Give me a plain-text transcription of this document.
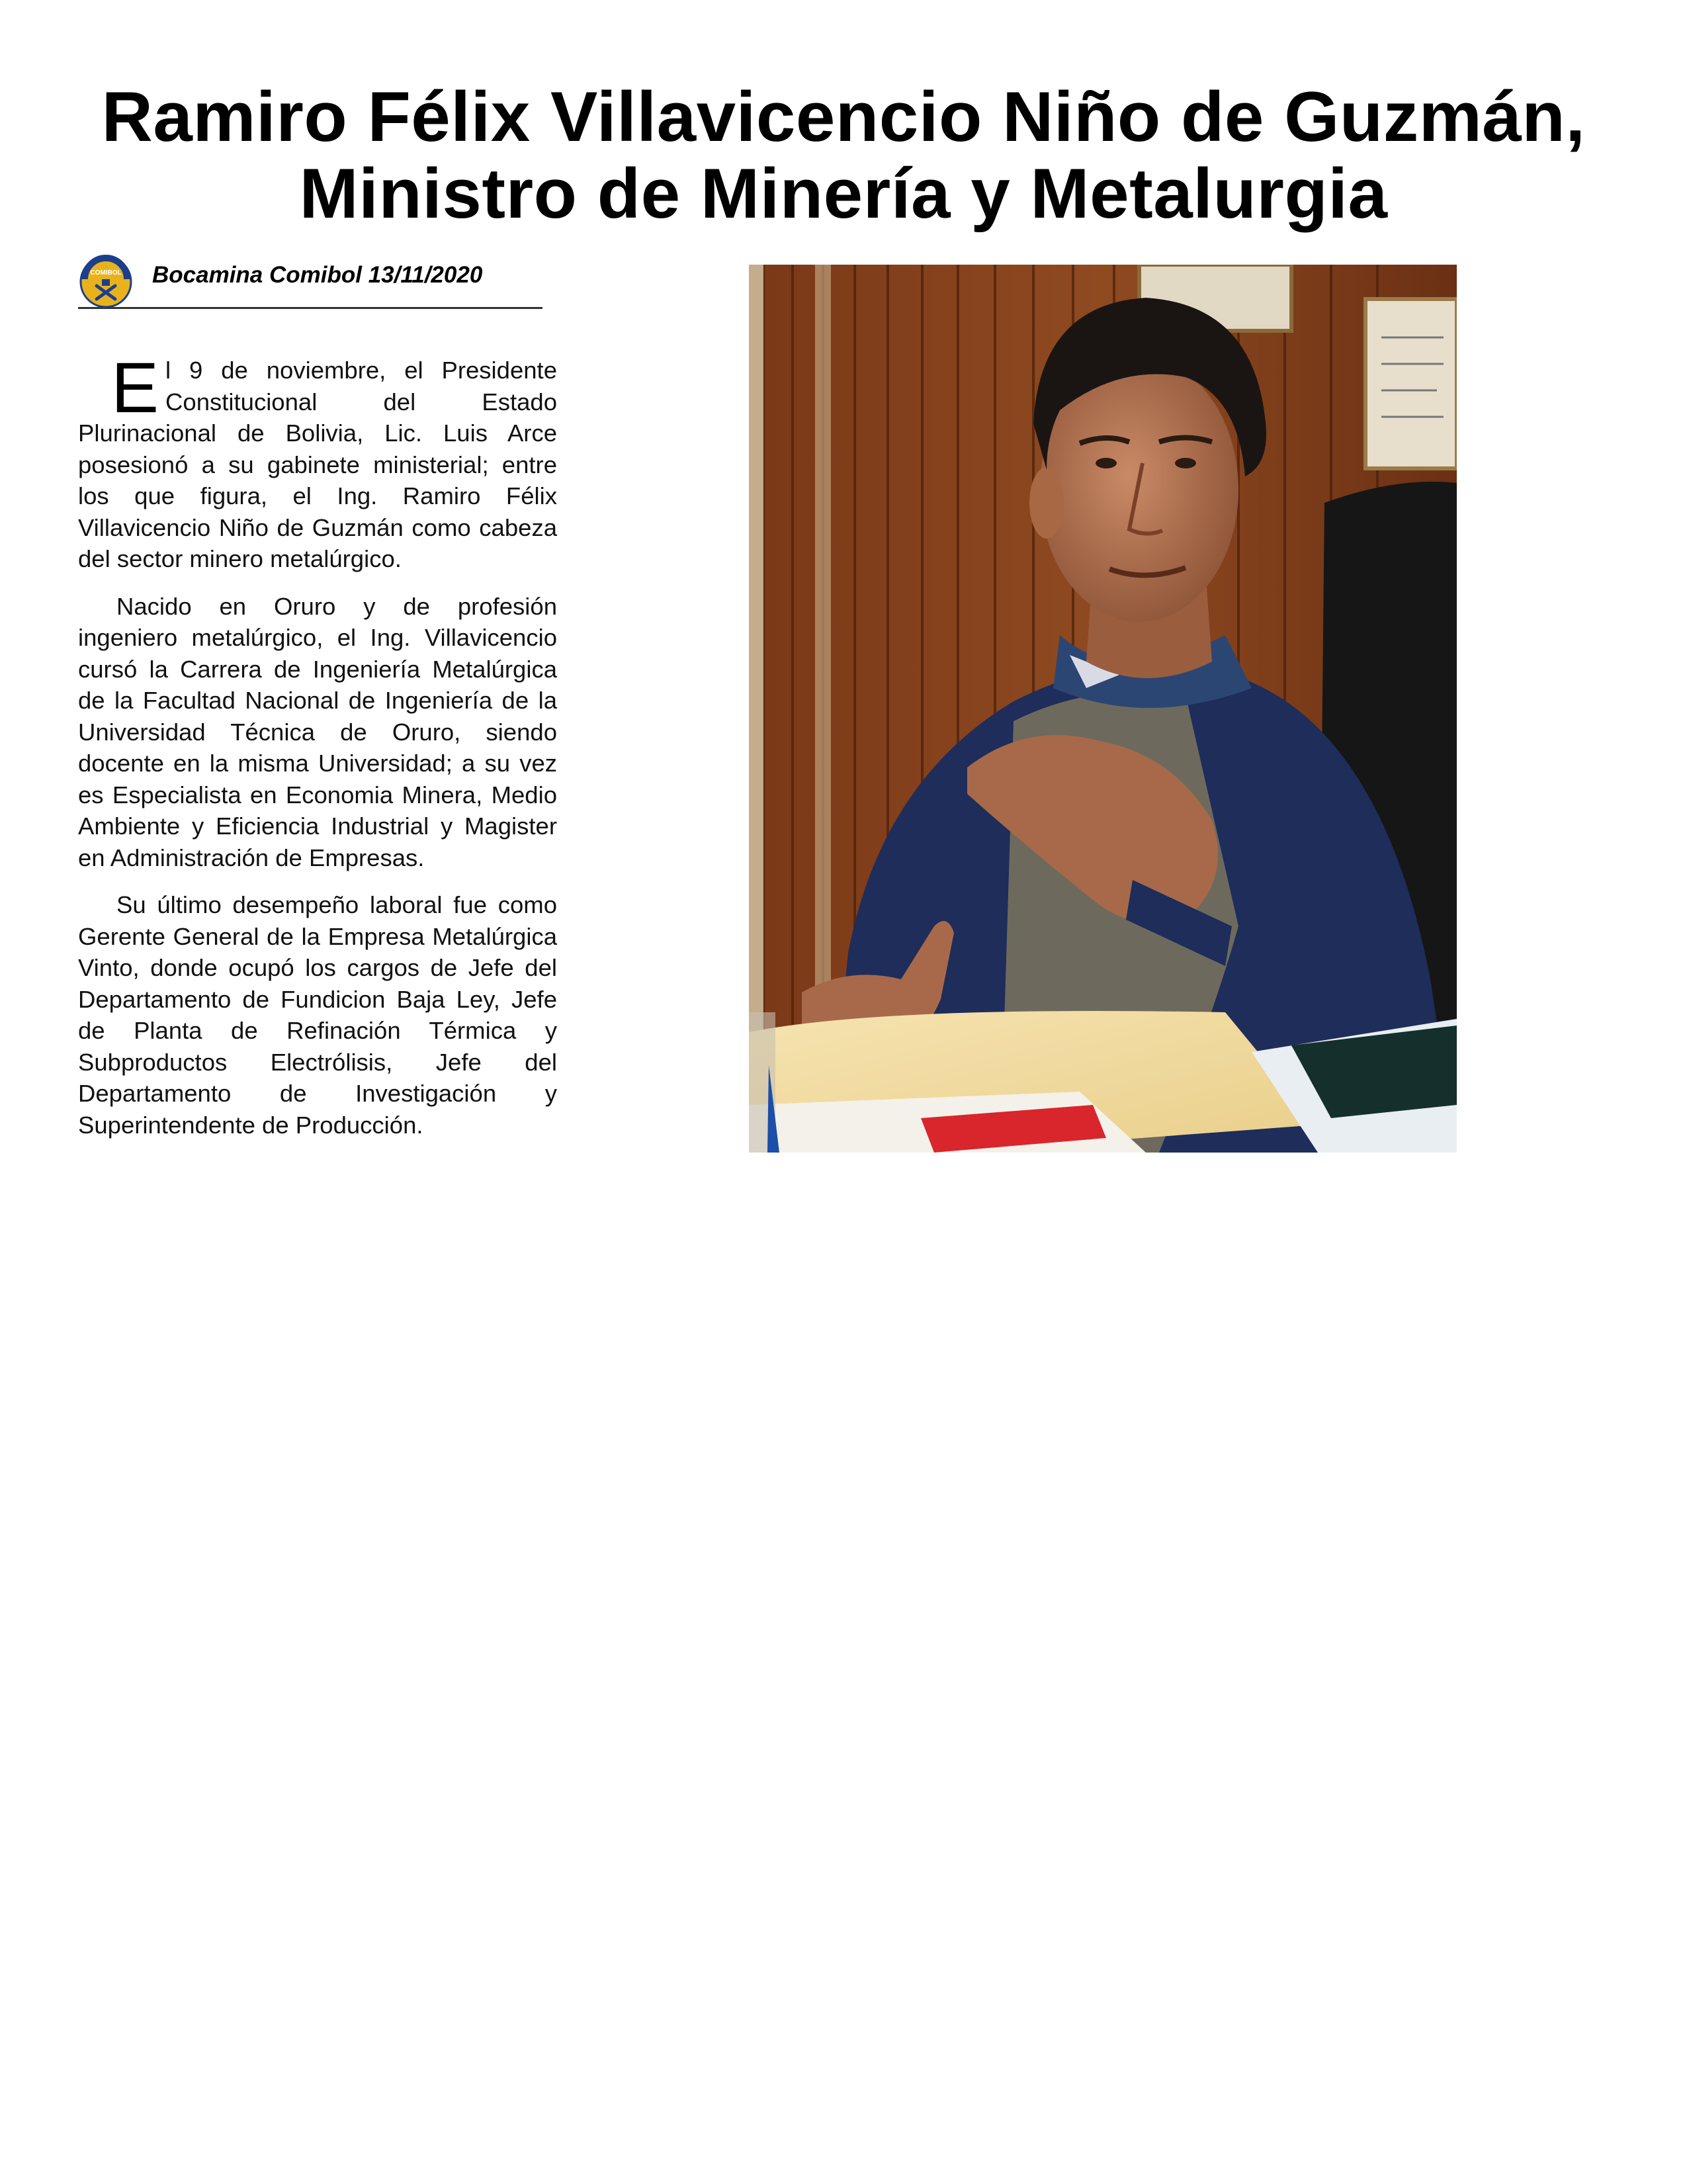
Ramiro Félix Villavicencio Niño de Guzmán,
Ministro de Minería y Metalurgia
COMIBOL Bocamina Comibol 13/11/2020

El 9 de noviembre, el Presidente Constitucional del Estado Plurinacional de Bolivia, Lic. Luis Arce posesionó a su gabinete ministerial; entre los que figura, el Ing. Ramiro Félix Villavicencio Niño de Guzmán como cabeza del sector minero metalúrgico.

Nacido en Oruro y de profesión ingeniero metalúrgico, el Ing. Villavicencio cursó la Carrera de Ingeniería Metalúrgica de la Facultad Nacional de Ingeniería de la Universidad Técnica de Oruro, siendo docente en la misma Universidad; a su vez es Especialista en Economia Minera, Medio Ambiente y Eficiencia Industrial y Magister en Administración de Empresas.

Su último desempeño laboral fue como Gerente General de la Empresa Metalúrgica Vinto, donde ocupó los cargos de Jefe del Departamento de Fundicion Baja Ley, Jefe de Planta de Refinación Térmica y Subproductos Electrólisis, Jefe del Departamento de Investigación y Superintendente de Producción.
